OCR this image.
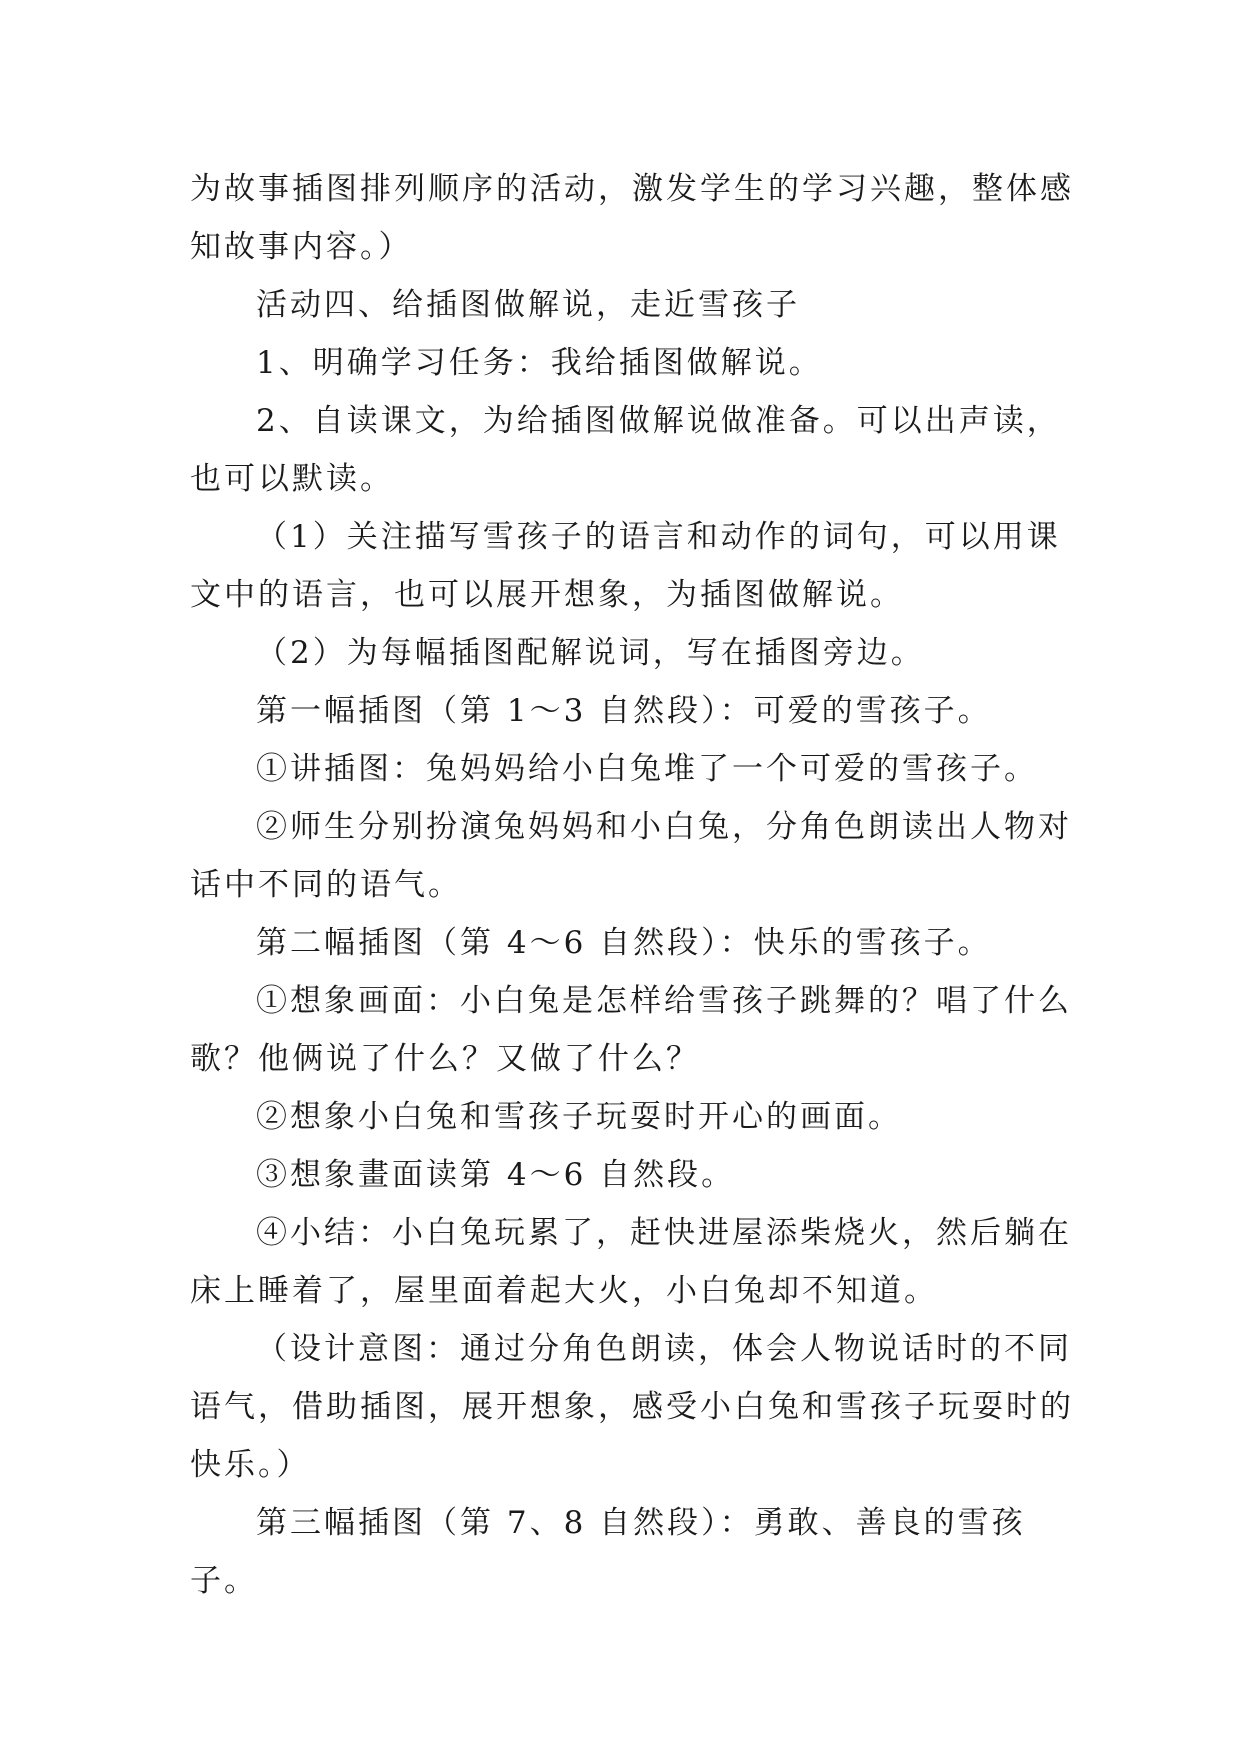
为故事插图排列顺序的活动，激发学生的学习兴趣，整体感知故事内容。）

活动四、给插图做解说，走近雪孩子

1、明确学习任务：我给插图做解说。

2、自读课文，为给插图做解说做准备。可以出声读，也可以默读。

（1）关注描写雪孩子的语言和动作的词句，可以用课文中的语言，也可以展开想象，为插图做解说。

（2）为每幅插图配解说词，写在插图旁边。

第一幅插图（第 1～3 自然段）：可爱的雪孩子。

①讲插图：兔妈妈给小白兔堆了一个可爱的雪孩子。

②师生分别扮演兔妈妈和小白兔，分角色朗读出人物对话中不同的语气。

第二幅插图（第 4～6 自然段）：快乐的雪孩子。

①想象画面：小白兔是怎样给雪孩子跳舞的？唱了什么歌？他俩说了什么？又做了什么？

②想象小白兔和雪孩子玩耍时开心的画面。

③想象畫面读第 4～6 自然段。

④小结：小白兔玩累了，赶快进屋添柴烧火，然后躺在床上睡着了，屋里面着起大火，小白兔却不知道。

（设计意图：通过分角色朗读，体会人物说话时的不同语气，借助插图，展开想象，感受小白兔和雪孩子玩耍时的快乐。）

第三幅插图（第 7、8 自然段）：勇敢、善良的雪孩子。
